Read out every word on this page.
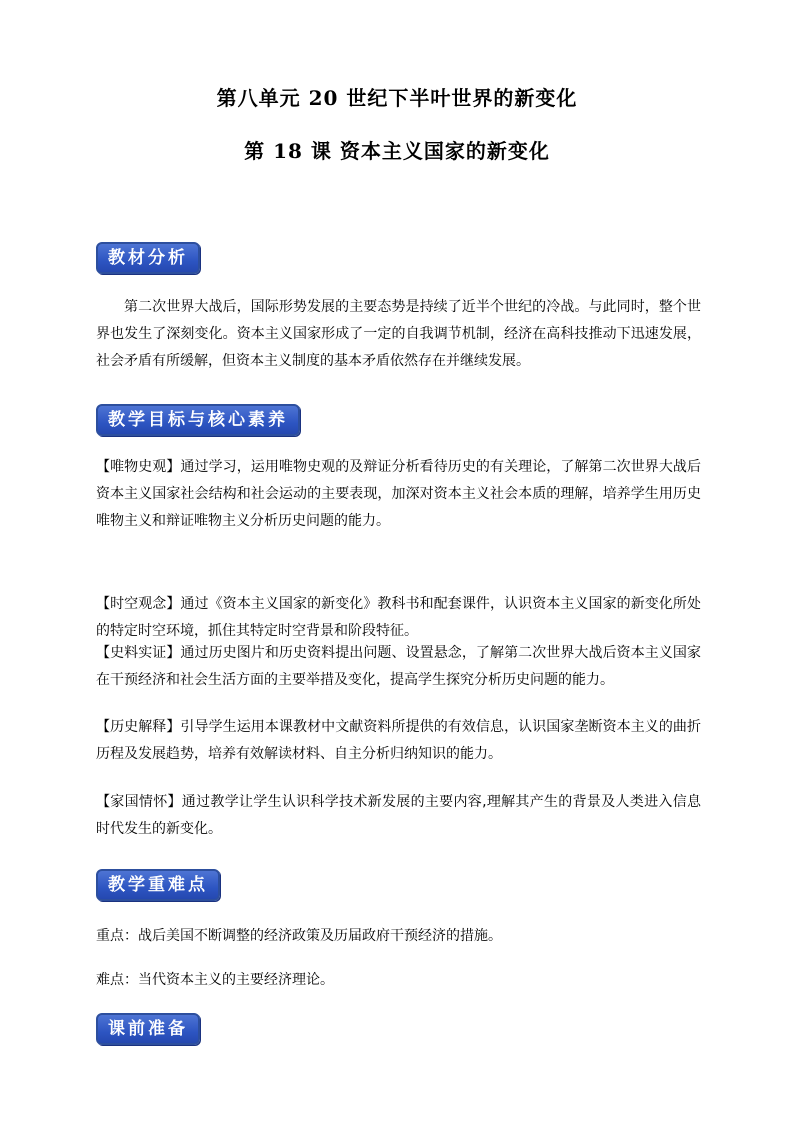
第八单元 20 世纪下半叶世界的新变化
第 18 课 资本主义国家的新变化
教材分析
第二次世界大战后，国际形势发展的主要态势是持续了近半个世纪的冷战。与此同时，整个世界也发生了深刻变化。资本主义国家形成了一定的自我调节机制，经济在高科技推动下迅速发展，社会矛盾有所缓解，但资本主义制度的基本矛盾依然存在并继续发展。
教学目标与核心素养
【唯物史观】通过学习，运用唯物史观的及辩证分析看待历史的有关理论，了解第二次世界大战后资本主义国家社会结构和社会运动的主要表现，加深对资本主义社会本质的理解，培养学生用历史唯物主义和辩证唯物主义分析历史问题的能力。
【时空观念】通过《资本主义国家的新变化》教科书和配套课件，认识资本主义国家的新变化所处的特定时空环境，抓住其特定时空背景和阶段特征。
【史料实证】通过历史图片和历史资料提出问题、设置悬念，了解第二次世界大战后资本主义国家在干预经济和社会生活方面的主要举措及变化，提高学生探究分析历史问题的能力。
【历史解释】引导学生运用本课教材中文献资料所提供的有效信息，认识国家垄断资本主义的曲折历程及发展趋势，培养有效解读材料、自主分析归纳知识的能力。
【家国情怀】通过教学让学生认识科学技术新发展的主要内容,理解其产生的背景及人类进入信息时代发生的新变化。
教学重难点
重点：战后美国不断调整的经济政策及历届政府干预经济的措施。
难点：当代资本主义的主要经济理论。
课前准备
